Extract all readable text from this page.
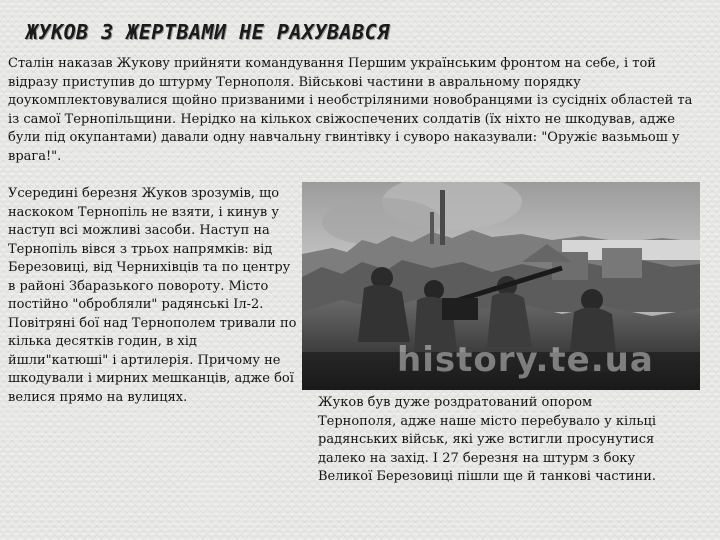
ЖУКОВ З ЖЕРТВАМИ НЕ РАХУВАВСЯ

Сталін наказав Жукову прийняти командування Першим українським фронтом на себе, і той відразу приступив до штурму Тернополя. Військові частини в авральному порядку доукомплектовувалися щойно призваними і необстріляними новобранцями із сусідніх областей та із самої Тернопільщини. Нерідко на кількох свіжоспечених солдатів (їх ніхто не шкодував, адже були під окупантами) давали одну навчальну гвинтівку і суворо наказували: "Оружіє вазьмьош у врага!".

Усередині березня Жуков зрозумів, що наскоком Тернопіль не взяти, і кинув у наступ всі можливі засоби. Наступ на Тернопіль вівся з трьох напрямків: від Березовиці, від Чернихівців та по центру в районі Збаразького повороту. Місто постійно "обробляли" радянські Іл-2. Повітряні бої над Тернополем тривали по кілька десятків годин, в хід йшли"катюші" і артилерія. Причому не шкодували і мирних мешканців, адже бої велися прямо на вулицях.

history.te.ua

Жуков був дуже роздратований опором Тернополя, адже наше місто перебувало у кільці радянських військ, які уже встигли просунутися далеко на захід. І 27 березня на штурм з боку Великої Березовиці пішли ще й танкові частини.
